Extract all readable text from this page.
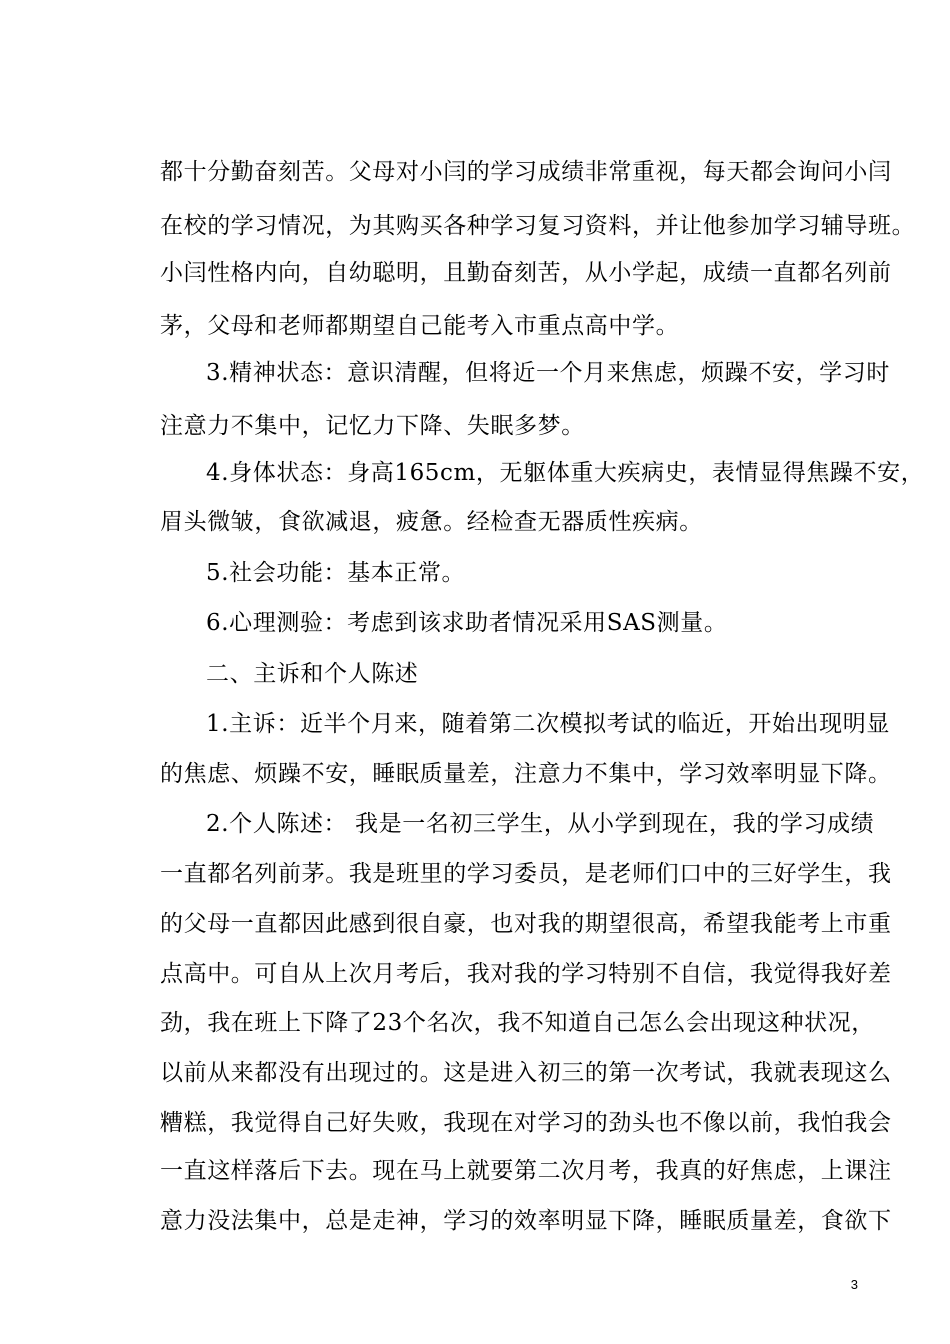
都十分勤奋刻苦。父母对小闫的学习成绩非常重视，每天都会询问小闫
在校的学习情况，为其购买各种学习复习资料，并让他参加学习辅导班。
小闫性格内向，自幼聪明，且勤奋刻苦，从小学起，成绩一直都名列前
茅，父母和老师都期望自己能考入市重点高中学。
3.精神状态：意识清醒，但将近一个月来焦虑，烦躁不安，学习时
注意力不集中，记忆力下降、失眠多梦。
4.身体状态：身高165cm，无躯体重大疾病史，表情显得焦躁不安，
眉头微皱，食欲减退，疲惫。经检查无器质性疾病。
5.社会功能：基本正常。
6.心理测验：考虑到该求助者情况采用SAS测量。
二、主诉和个人陈述
1.主诉：近半个月来，随着第二次模拟考试的临近，开始出现明显
的焦虑、烦躁不安，睡眠质量差，注意力不集中，学习效率明显下降。
2.个人陈述： 我是一名初三学生，从小学到现在，我的学习成绩
一直都名列前茅。我是班里的学习委员，是老师们口中的三好学生，我
的父母一直都因此感到很自豪，也对我的期望很高，希望我能考上市重
点高中。可自从上次月考后，我对我的学习特别不自信，我觉得我好差
劲，我在班上下降了23个名次，我不知道自己怎么会出现这种状况，
以前从来都没有出现过的。这是进入初三的第一次考试，我就表现这么
糟糕，我觉得自己好失败，我现在对学习的劲头也不像以前，我怕我会
一直这样落后下去。现在马上就要第二次月考，我真的好焦虑，上课注
意力没法集中，总是走神，学习的效率明显下降，睡眠质量差，食欲下
3
